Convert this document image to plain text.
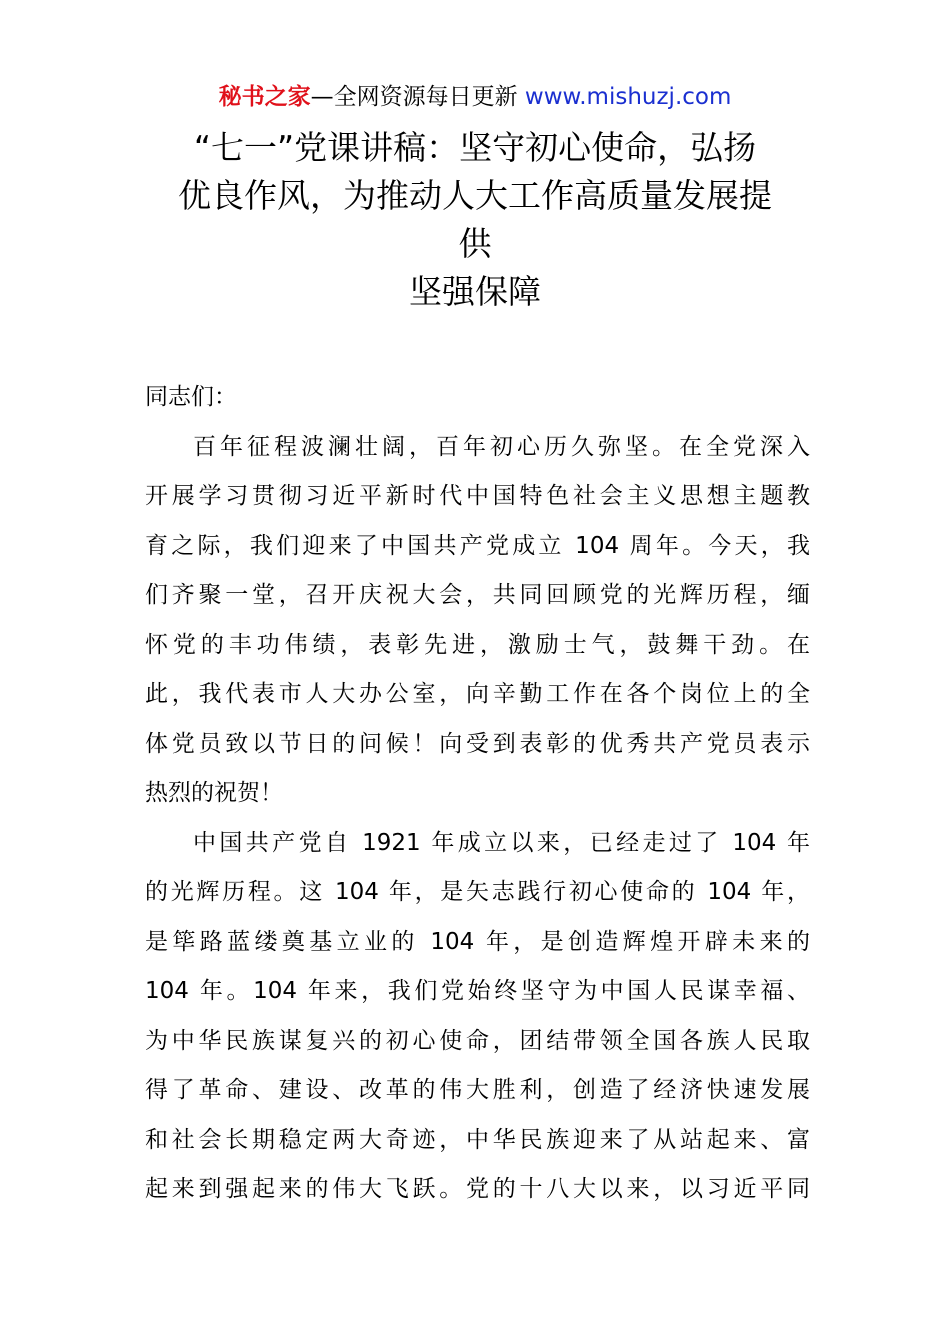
秘书之家—全网资源每日更新 www.mishuzj.com
“七一”党课讲稿：坚守初心使命，弘扬
优良作风，为推动人大工作高质量发展提
供
坚强保障
同志们：
百年征程波澜壮阔，百年初心历久弥坚。在全党深入
开展学习贯彻习近平新时代中国特色社会主义思想主题教
育之际，我们迎来了中国共产党成立 104 周年。今天，我
们齐聚一堂，召开庆祝大会，共同回顾党的光辉历程，缅
怀党的丰功伟绩，表彰先进，激励士气，鼓舞干劲。在
此，我代表市人大办公室，向辛勤工作在各个岗位上的全
体党员致以节日的问候！向受到表彰的优秀共产党员表示
热烈的祝贺！
中国共产党自 1921 年成立以来，已经走过了 104 年
的光辉历程。这 104 年，是矢志践行初心使命的 104 年，
是筚路蓝缕奠基立业的 104 年，是创造辉煌开辟未来的
104 年。104 年来，我们党始终坚守为中国人民谋幸福、
为中华民族谋复兴的初心使命，团结带领全国各族人民取
得了革命、建设、改革的伟大胜利，创造了经济快速发展
和社会长期稳定两大奇迹，中华民族迎来了从站起来、富
起来到强起来的伟大飞跃。党的十八大以来，以习近平同
